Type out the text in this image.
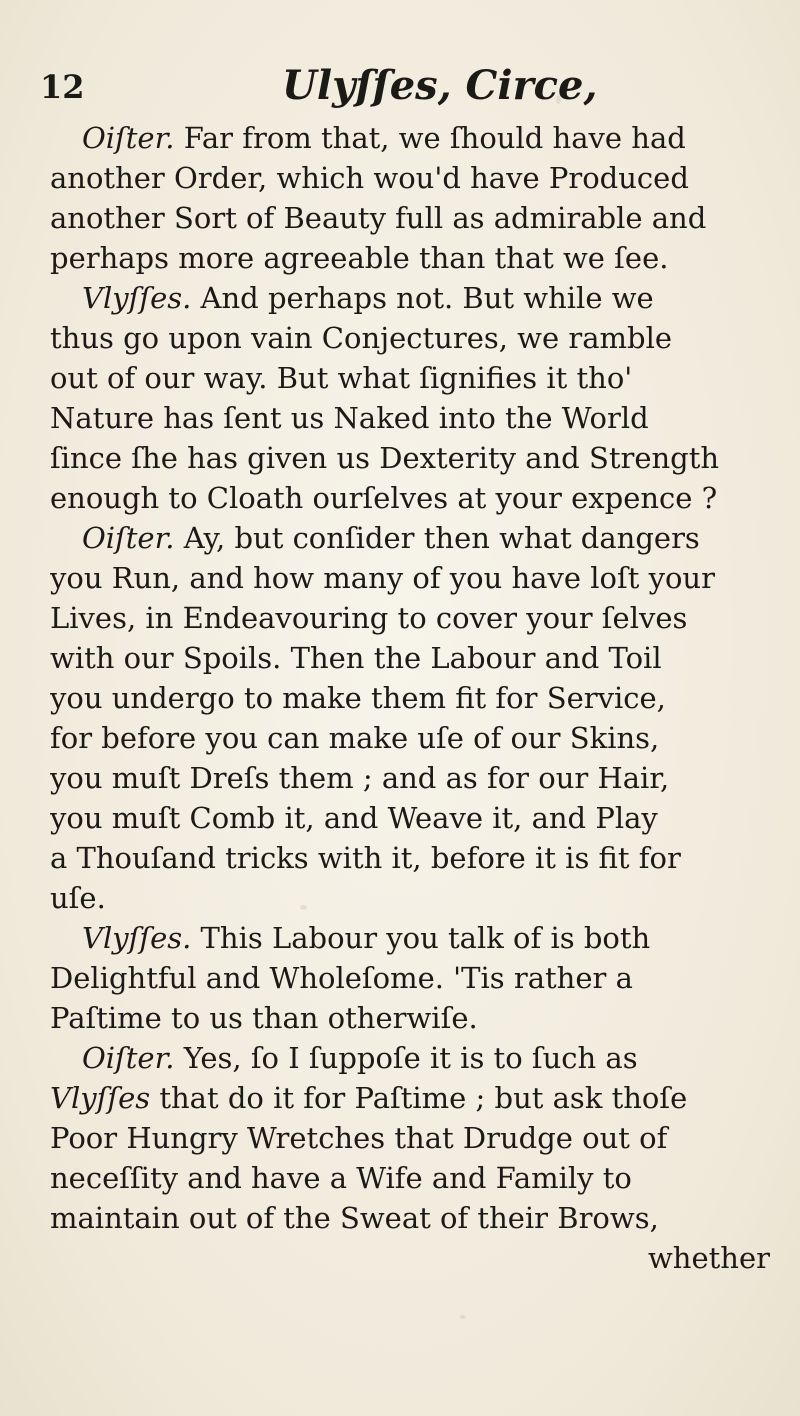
12	Ulyſſes, Circe,
Oiſter. Far from that, we ſhould have had
another Order, which wou'd have Produced
another Sort of Beauty full as admirable and
perhaps more agreeable than that we ſee.
Vlyſſes. And perhaps not. But while we
thus go upon vain Conjectures, we ramble
out of our way. But what ſignifies it tho'
Nature has ſent us Naked into the World
ſince ſhe has given us Dexterity and Strength
enough to Cloath ourſelves at your expence ?
Oiſter. Ay, but conſider then what dangers
you Run, and how many of you have loſt your
Lives, in Endeavouring to cover your ſelves
with our Spoils. Then the Labour and Toil
you undergo to make them fit for Service,
for before you can make uſe of our Skins,
you muſt Dreſs them ; and as for our Hair,
you muſt Comb it, and Weave it, and Play
a Thouſand tricks with it, before it is fit for
uſe.
Vlyſſes. This Labour you talk of is both
Delightful and Wholeſome. 'Tis rather a
Paſtime to us than otherwiſe.
Oiſter. Yes, ſo I ſuppoſe it is to ſuch as
Vlyſſes that do it for Paſtime ; but ask thoſe
Poor Hungry Wretches that Drudge out of
neceſſity and have a Wife and Family to
maintain out of the Sweat of their Brows,
whether
